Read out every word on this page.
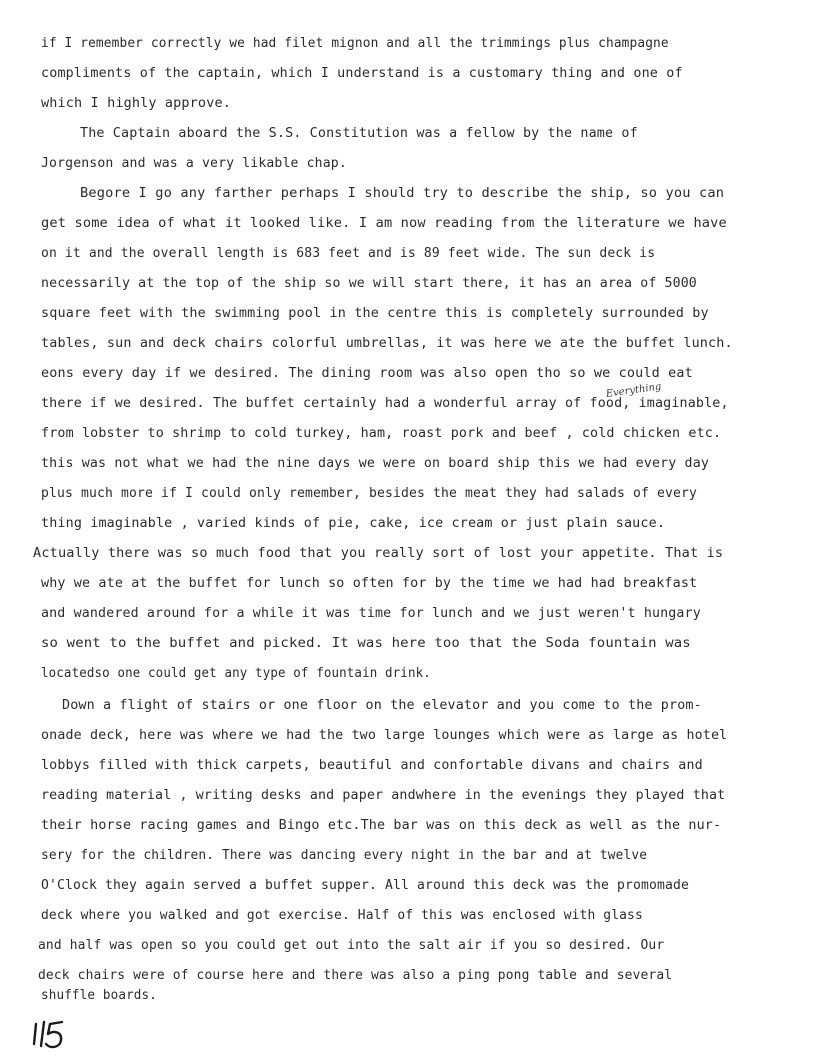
if I remember correctly we had filet mignon and all the trimmings plus champagne
compliments of the captain, which I understand is a customary thing and one of
which I highly approve.
The Captain aboard the S.S. Constitution was a fellow by the name of
Jorgenson and was a very likable chap.
Begore I go any farther perhaps I should try to describe the ship, so you can
get some idea of what it looked like. I am now reading from the literature we have
on it and the overall length is 683 feet and is 89 feet wide. The sun deck is
necessarily at the top of the ship so we will start there, it has an area of 5000
square feet with the swimming pool in the centre this is completely surrounded by
tables, sun and deck chairs colorful umbrellas, it was here we ate the buffet lunch.
eons every day if we desired. The dining room was also open tho so we could eat
there if we desired. The buffet certainly had a wonderful array of food, imaginable,
from lobster to shrimp to cold turkey, ham, roast pork and beef , cold chicken etc.
this was not what we had the nine days we were on board ship this we had every day
plus much more if I could only remember, besides the meat they had salads of every
thing imaginable , varied kinds of pie, cake, ice cream or just plain sauce.
Actually there was so much food that you really sort of lost your appetite. That is
why we ate at the buffet for lunch so often for by the time we had had breakfast
and wandered around for a while it was time for lunch and we just weren't hungary
so went to the buffet and picked. It was here too that the Soda fountain was
locatedso one could get any type of fountain drink.
Down a flight of stairs or one floor on the elevator and you come to the prom-
onade deck, here was where we had the two large lounges which were as large as hotel
lobbys filled with thick carpets, beautiful and confortable divans and chairs and
reading material , writing desks and paper andwhere in the evenings they played that
their horse racing games and Bingo etc.The bar was on this deck as well as the nur-
sery for the children. There was dancing every night in the bar and at twelve
O'Clock they again served a buffet supper. All around this deck was the promomade
deck where you walked and got exercise. Half of this was enclosed with glass
and half was open so you could get out into the salt air if you so desired. Our
deck chairs were of course here and there was also a ping pong table and several
shuffle boards.
Everything
